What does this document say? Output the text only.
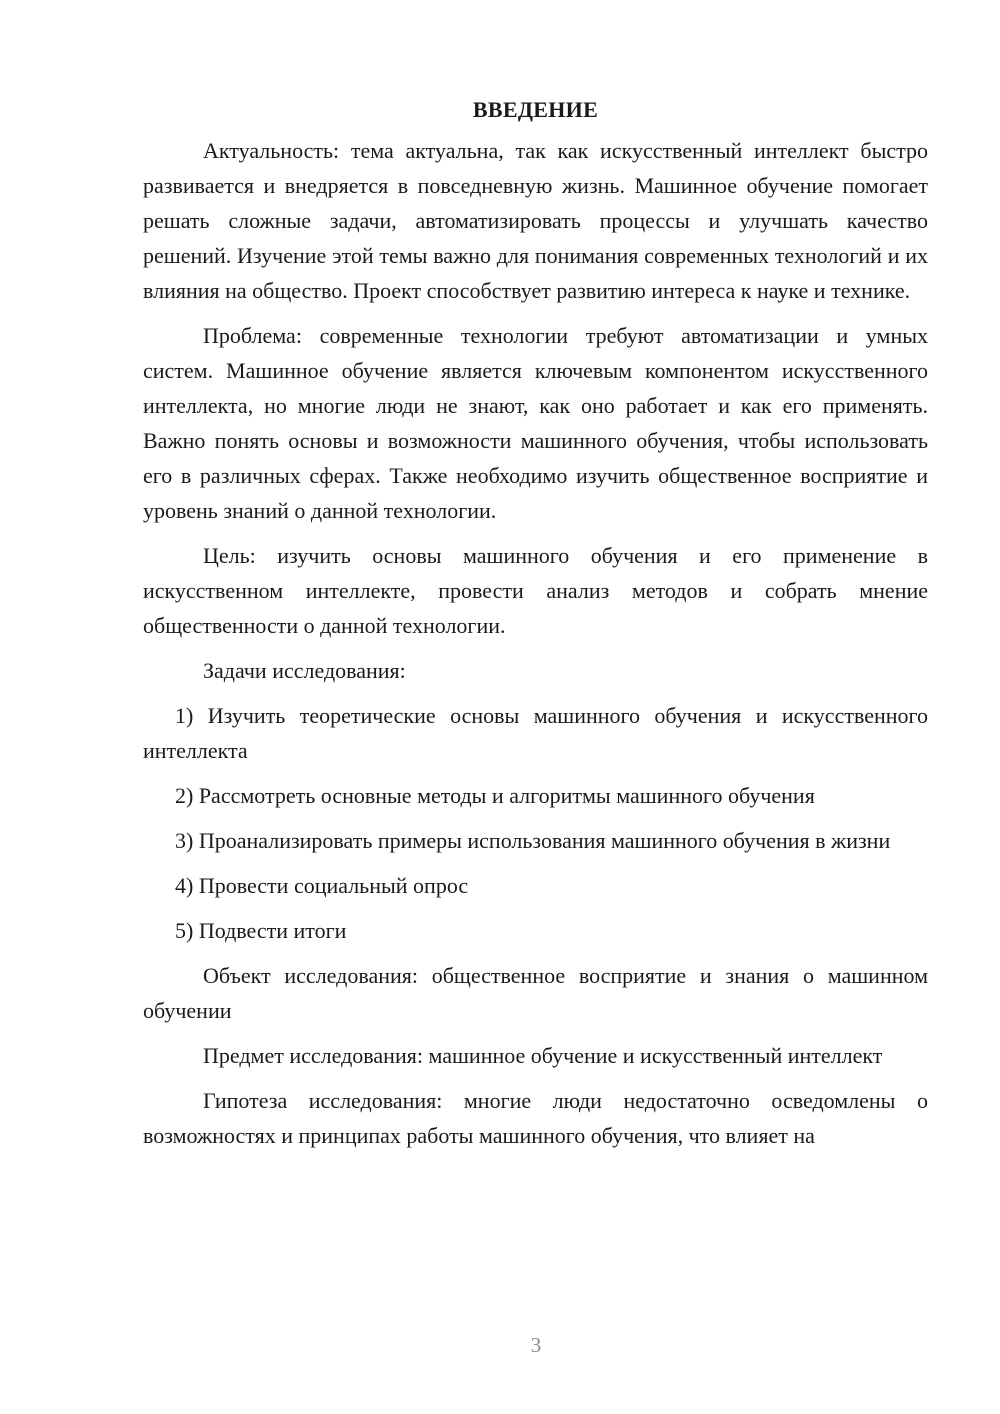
ВВЕДЕНИЕ

Актуальность: тема актуальна, так как искусственный интеллект быстро развивается и внедряется в повседневную жизнь. Машинное обучение помогает решать сложные задачи, автоматизировать процессы и улучшать качество решений. Изучение этой темы важно для понимания современных технологий и их влияния на общество. Проект способствует развитию интереса к науке и технике.

Проблема: современные технологии требуют автоматизации и умных систем. Машинное обучение является ключевым компонентом искусственного интеллекта, но многие люди не знают, как оно работает и как его применять. Важно понять основы и возможности машинного обучения, чтобы использовать его в различных сферах. Также необходимо изучить общественное восприятие и уровень знаний о данной технологии.

Цель: изучить основы машинного обучения и его применение в искусственном интеллекте, провести анализ методов и собрать мнение общественности о данной технологии.

Задачи исследования:

1) Изучить теоретические основы машинного обучения и искусственного интеллекта

2) Рассмотреть основные методы и алгоритмы машинного обучения

3) Проанализировать примеры использования машинного обучения в жизни

4) Провести социальный опрос

5) Подвести итоги

Объект исследования: общественное восприятие и знания о машинном обучении

Предмет исследования: машинное обучение и искусственный интеллект

Гипотеза исследования: многие люди недостаточно осведомлены о возможностях и принципах работы машинного обучения, что влияет на

3
